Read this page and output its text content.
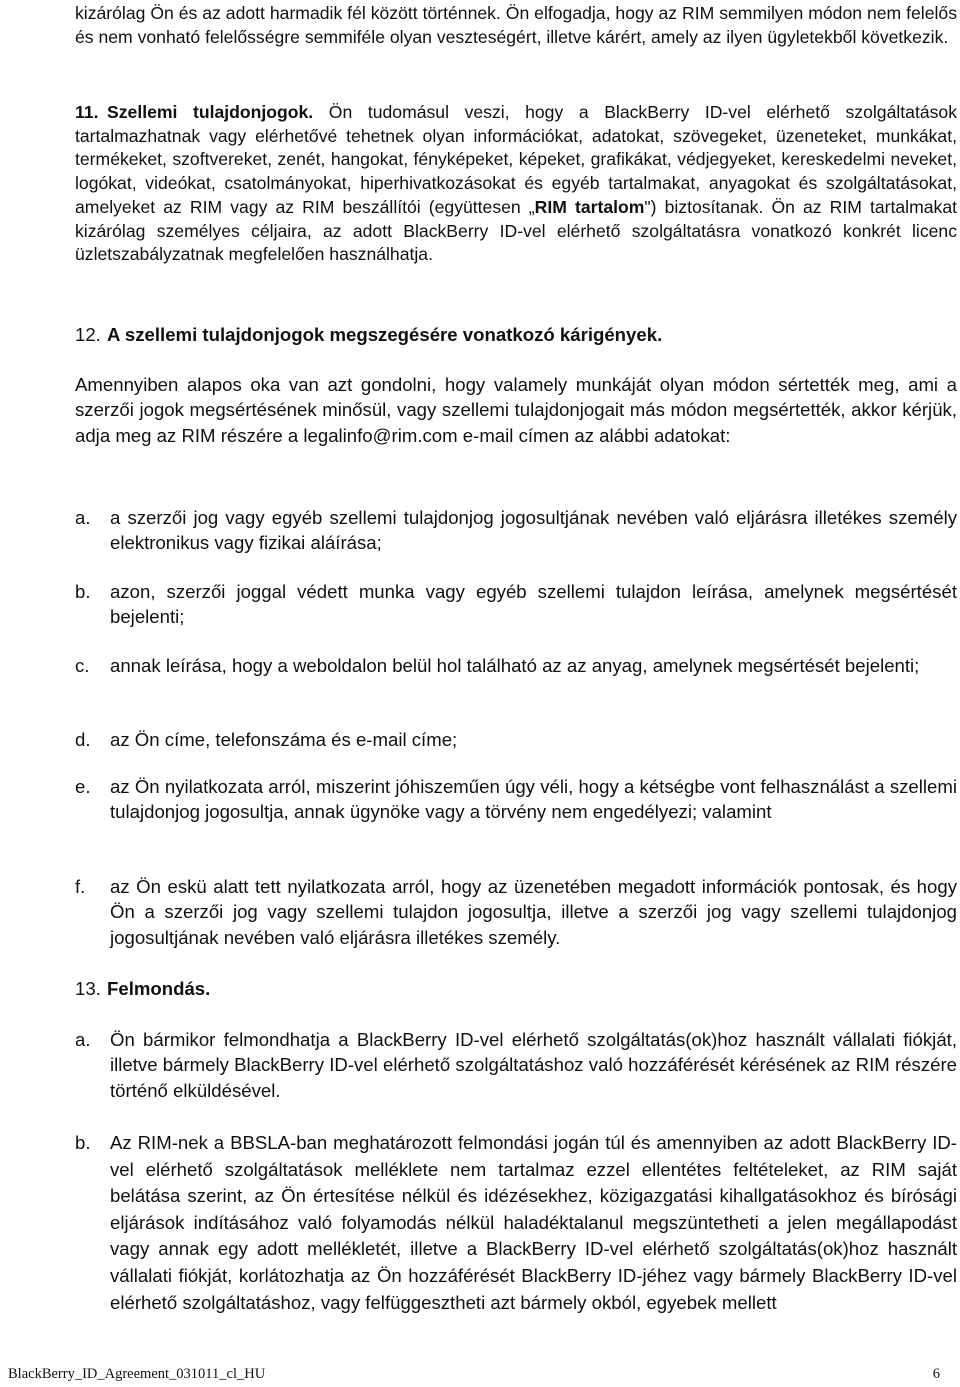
kizárólag Ön és az adott harmadik fél között történnek. Ön elfogadja, hogy az RIM semmilyen módon nem felelős és nem vonható felelősségre semmiféle olyan veszteségért, illetve kárért, amely az ilyen ügyletekből következik.

11. Szellemi tulajdonjogok. Ön tudomásul veszi, hogy a BlackBerry ID-vel elérhető szolgáltatások tartalmazhatnak vagy elérhetővé tehetnek olyan információkat, adatokat, szövegeket, üzeneteket, munkákat, termékeket, szoftvereket, zenét, hangokat, fényképeket, képeket, grafikákat, védjegyeket, kereskedelmi neveket, logókat, videókat, csatolmányokat, hiperhivatkozásokat és egyéb tartalmakat, anyagokat és szolgáltatásokat, amelyeket az RIM vagy az RIM beszállítói (együttesen „RIM tartalom") biztosítanak. Ön az RIM tartalmakat kizárólag személyes céljaira, az adott BlackBerry ID-vel elérhető szolgáltatásra vonatkozó konkrét licenc üzletszabályzatnak megfelelően használhatja.

12. A szellemi tulajdonjogok megszegésére vonatkozó kárigények.

Amennyiben alapos oka van azt gondolni, hogy valamely munkáját olyan módon sértették meg, ami a szerzői jogok megsértésének minősül, vagy szellemi tulajdonjogait más módon megsértették, akkor kérjük, adja meg az RIM részére a legalinfo@rim.com e-mail címen az alábbi adatokat:

a. a szerzői jog vagy egyéb szellemi tulajdonjog jogosultjának nevében való eljárásra illetékes személy elektronikus vagy fizikai aláírása;

b. azon, szerzői joggal védett munka vagy egyéb szellemi tulajdon leírása, amelynek megsértését bejelenti;

c. annak leírása, hogy a weboldalon belül hol található az az anyag, amelynek megsértését bejelenti;

d. az Ön címe, telefonszáma és e-mail címe;

e. az Ön nyilatkozata arról, miszerint jóhiszeműen úgy véli, hogy a kétségbe vont felhasználást a szellemi tulajdonjog jogosultja, annak ügynöke vagy a törvény nem engedélyezi; valamint

f. az Ön eskü alatt tett nyilatkozata arról, hogy az üzenetében megadott információk pontosak, és hogy Ön a szerzői jog vagy szellemi tulajdon jogosultja, illetve a szerzői jog vagy szellemi tulajdonjog jogosultjának nevében való eljárásra illetékes személy.

13. Felmondás.

a. Ön bármikor felmondhatja a BlackBerry ID-vel elérhető szolgáltatás(ok)hoz használt vállalati fiókját, illetve bármely BlackBerry ID-vel elérhető szolgáltatáshoz való hozzáférését kérésének az RIM részére történő elküldésével.

b. Az RIM-nek a BBSLA-ban meghatározott felmondási jogán túl és amennyiben az adott BlackBerry ID-vel elérhető szolgáltatások melléklete nem tartalmaz ezzel ellentétes feltételeket, az RIM saját belátása szerint, az Ön értesítése nélkül és idézésekhez, közigazgatási kihallgatásokhoz és bírósági eljárások indításához való folyamodás nélkül haladéktalanul megszüntetheti a jelen megállapodást vagy annak egy adott mellékletét, illetve a BlackBerry ID-vel elérhető szolgáltatás(ok)hoz használt vállalati fiókját, korlátozhatja az Ön hozzáférését BlackBerry ID-jéhez vagy bármely BlackBerry ID-vel elérhető szolgáltatáshoz, vagy felfüggesztheti azt bármely okból, egyebek mellett

BlackBerry_ID_Agreement_031011_cl_HU	6
